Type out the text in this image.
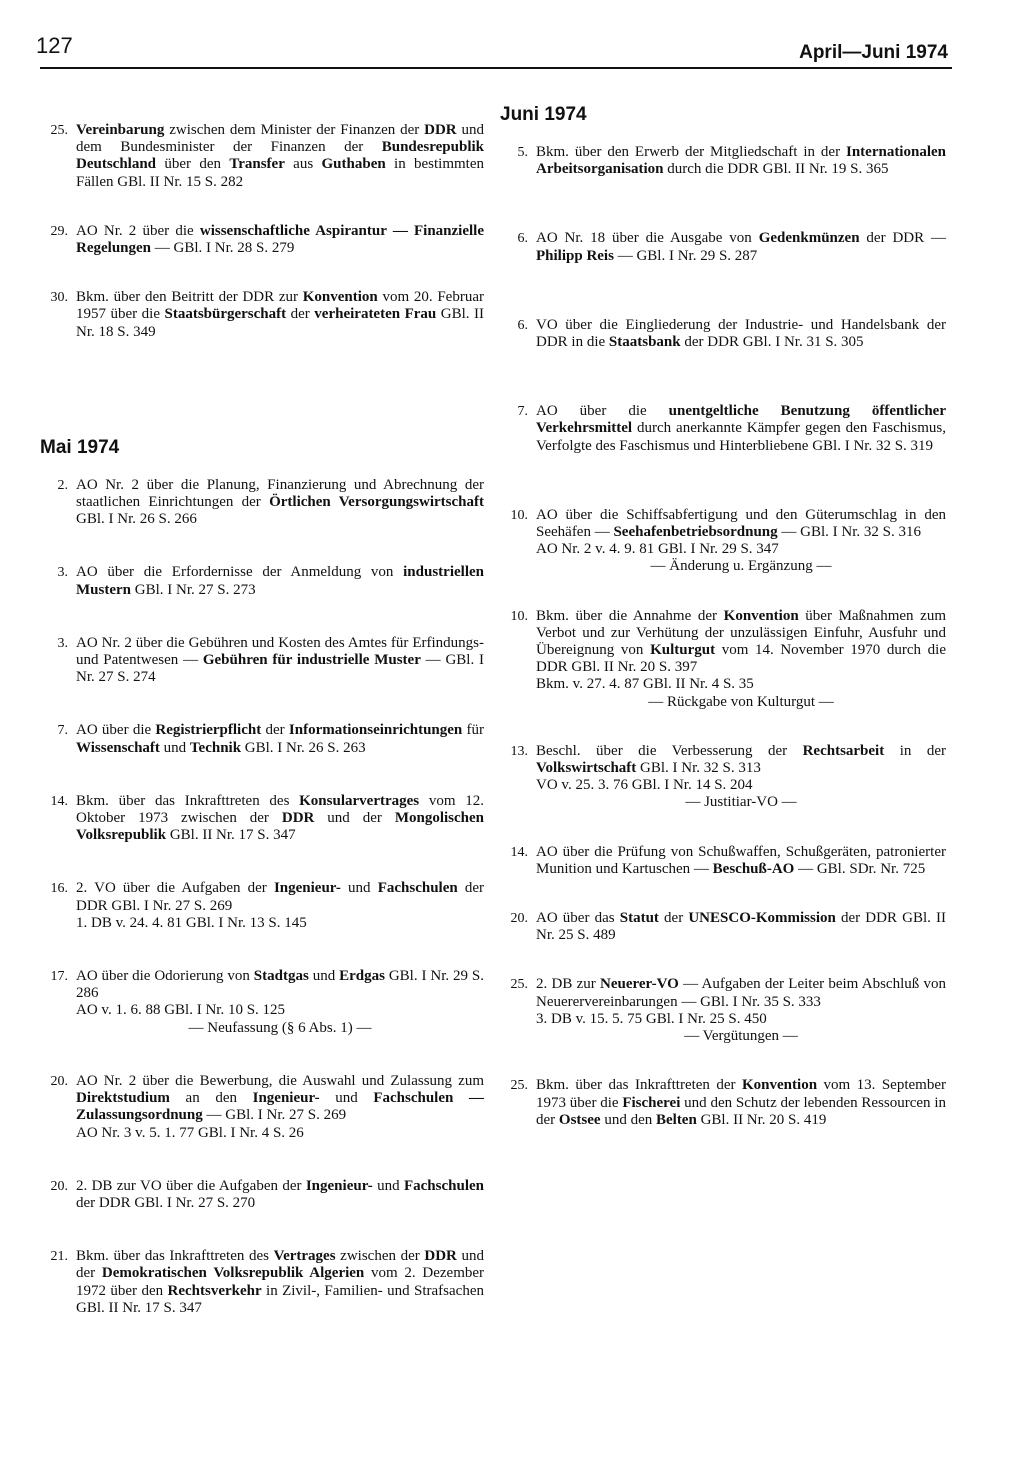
127	April—Juni 1974
25. Vereinbarung zwischen dem Minister der Finanzen der DDR und dem Bundesminister der Finanzen der Bundesrepublik Deutschland über den Transfer aus Guthaben in bestimmten Fällen GBl. II Nr. 15 S. 282
29. AO Nr. 2 über die wissenschaftliche Aspirantur — Finanzielle Regelungen — GBl. I Nr. 28 S. 279
30. Bkm. über den Beitritt der DDR zur Konvention vom 20. Februar 1957 über die Staatsbürgerschaft der verheirateten Frau GBl. II Nr. 18 S. 349
Mai 1974
2. AO Nr. 2 über die Planung, Finanzierung und Abrechnung der staatlichen Einrichtungen der Örtlichen Versorgungswirtschaft GBl. I Nr. 26 S. 266
3. AO über die Erfordernisse der Anmeldung von industriellen Mustern GBl. I Nr. 27 S. 273
3. AO Nr. 2 über die Gebühren und Kosten des Amtes für Erfindungs- und Patentwesen — Gebühren für industrielle Muster — GBl. I Nr. 27 S. 274
7. AO über die Registrierpflicht der Informationseinrichtungen für Wissenschaft und Technik GBl. I Nr. 26 S. 263
14. Bkm. über das Inkrafttreten des Konsularvertrages vom 12. Oktober 1973 zwischen der DDR und der Mongolischen Volksrepublik GBl. II Nr. 17 S. 347
16. 2. VO über die Aufgaben der Ingenieur- und Fachschulen der DDR GBl. I Nr. 27 S. 269
1. DB v. 24. 4. 81 GBl. I Nr. 13 S. 145
17. AO über die Odorierung von Stadtgas und Erdgas GBl. I Nr. 29 S. 286
AO v. 1. 6. 88 GBl. I Nr. 10 S. 125
— Neufassung (§ 6 Abs. 1) —
20. AO Nr. 2 über die Bewerbung, die Auswahl und Zulassung zum Direktstudium an den Ingenieur- und Fachschulen — Zulassungsordnung — GBl. I Nr. 27 S. 269
AO Nr. 3 v. 5. 1. 77 GBl. I Nr. 4 S. 26
20. 2. DB zur VO über die Aufgaben der Ingenieur- und Fachschulen der DDR GBl. I Nr. 27 S. 270
21. Bkm. über das Inkrafttreten des Vertrages zwischen der DDR und der Demokratischen Volksrepublik Algerien vom 2. Dezember 1972 über den Rechtsverkehr in Zivil-, Familien- und Strafsachen GBl. II Nr. 17 S. 347
Juni 1974
5. Bkm. über den Erwerb der Mitgliedschaft in der Internationalen Arbeitsorganisation durch die DDR GBl. II Nr. 19 S. 365
6. AO Nr. 18 über die Ausgabe von Gedenkmünzen der DDR — Philipp Reis — GBl. I Nr. 29 S. 287
6. VO über die Eingliederung der Industrie- und Handelsbank der DDR in die Staatsbank der DDR GBl. I Nr. 31 S. 305
7. AO über die unentgeltliche Benutzung öffentlicher Verkehrsmittel durch anerkannte Kämpfer gegen den Faschismus, Verfolgte des Faschismus und Hinterbliebene GBl. I Nr. 32 S. 319
10. AO über die Schiffsabfertigung und den Güterumschlag in den Seehäfen — Seehafenbetriebsordnung — GBl. I Nr. 32 S. 316
AO Nr. 2 v. 4. 9. 81 GBl. I Nr. 29 S. 347
— Änderung u. Ergänzung —
10. Bkm. über die Annahme der Konvention über Maßnahmen zum Verbot und zur Verhütung der unzulässigen Einfuhr, Ausfuhr und Übereignung von Kulturgut vom 14. November 1970 durch die DDR GBl. II Nr. 20 S. 397
Bkm. v. 27. 4. 87 GBl. II Nr. 4 S. 35
— Rückgabe von Kulturgut —
13. Beschl. über die Verbesserung der Rechtsarbeit in der Volkswirtschaft GBl. I Nr. 32 S. 313
VO v. 25. 3. 76 GBl. I Nr. 14 S. 204
— Justitiar-VO —
14. AO über die Prüfung von Schußwaffen, Schußgeräten, patronierter Munition und Kartuschen — Beschuß-AO — GBl. SDr. Nr. 725
20. AO über das Statut der UNESCO-Kommission der DDR GBl. II Nr. 25 S. 489
25. 2. DB zur Neuerer-VO — Aufgaben der Leiter beim Abschluß von Neuerervereinbarungen — GBl. I Nr. 35 S. 333
3. DB v. 15. 5. 75 GBl. I Nr. 25 S. 450
— Vergütungen —
25. Bkm. über das Inkrafttreten der Konvention vom 13. September 1973 über die Fischerei und den Schutz der lebenden Ressourcen in der Ostsee und den Belten GBl. II Nr. 20 S. 419
